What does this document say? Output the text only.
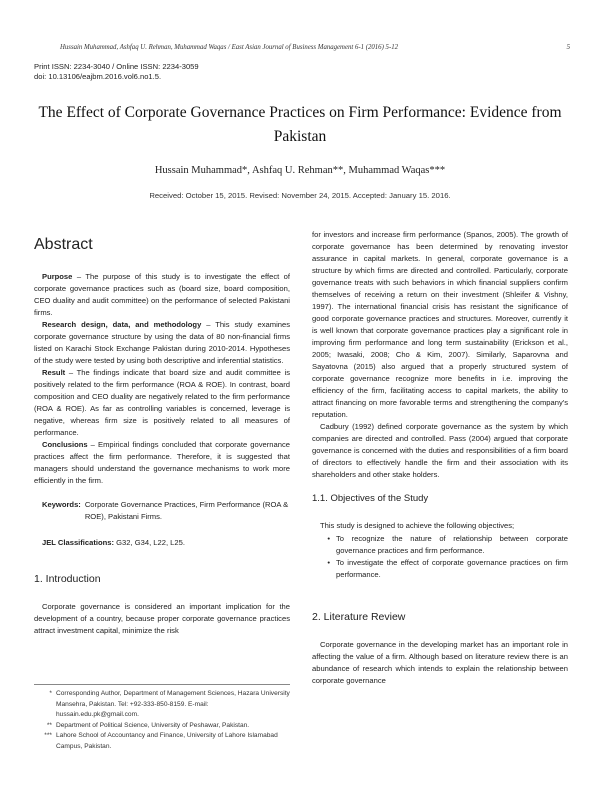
Hussain Muhammad, Ashfaq U. Rehman, Muhammad Waqas / East Asian Journal of Business Management 6-1 (2016) 5-12	5
Print ISSN: 2234-3040 / Online ISSN: 2234-3059
doi: 10.13106/eajbm.2016.vol6.no1.5.
The Effect of Corporate Governance Practices on Firm Performance: Evidence from
Pakistan
Hussain Muhammad*, Ashfaq U. Rehman**, Muhammad Waqas***
Received: October 15, 2015. Revised: November 24, 2015. Accepted: January 15. 2016.
Abstract

Purpose – The purpose of this study is to investigate the effect of corporate governance practices such as (board size, board composition, CEO duality and audit committee) on the performance of selected Pakistani firms.

Research design, data, and methodology – This study examines corporate governance structure by using the data of 80 non-financial firms listed on Karachi Stock Exchange Pakistan during 2010-2014. Hypotheses of the study were tested by using both descriptive and inferential statistics.

Result – The findings indicate that board size and audit committee is positively related to the firm performance (ROA & ROE). In contrast, board composition and CEO duality are negatively related to the firm performance (ROA & ROE). As far as controlling variables is concerned, leverage is negative, whereas firm size is positively related to all measures of performance.

Conclusions – Empirical findings concluded that corporate governance practices affect the firm performance. Therefore, it is suggested that managers should understand the governance mechanisms to work more efficiently in the firm.

Keywords: Corporate Governance Practices, Firm Performance (ROA & ROE), Pakistani Firms.
JEL Classifications: G32, G34, L22, L25.
1. Introduction

Corporate governance is considered an important implication for the development of a country, because proper corporate governance practices attract investment capital, minimize the risk

* Corresponding Author, Department of Management Sciences, Hazara University Mansehra, Pakistan. Tel: +92-333-850-8159. E-mail: hussain.edu.pk@gmail.com.
** Department of Political Science, University of Peshawar, Pakistan.
*** Lahore School of Accountancy and Finance, University of Lahore Islamabad Campus, Pakistan.

for investors and increase firm performance (Spanos, 2005). The growth of corporate governance has been determined by renovating investor assurance in capital markets. In general, corporate governance is a structure by which firms are directed and controlled. Particularly, corporate governance treats with such behaviors in which financial suppliers confirm themselves of receiving a return on their investment (Shleifer & Vishny, 1997). The international financial crisis has resistant the significance of good corporate governance practices and structures. Moreover, currently it is well known that corporate governance practices play a significant role in improving firm performance and long term sustainability (Erickson et al., 2005; Iwasaki, 2008; Cho & Kim, 2007). Similarly, Saparovna and Sayatovna (2015) also argued that a properly structured system of corporate governance recognize more benefits in i.e. improving the efficiency of the firm, facilitating access to capital markets, the ability to attract financing on more favorable terms and strengthening the company's reputation.

Cadbury (1992) defined corporate governance as the system by which companies are directed and controlled. Pass (2004) argued that corporate governance is concerned with the duties and responsibilities of a firm board of directors to effectively handle the firm and their association with its shareholders and other stake holders.

1.1. Objectives of the Study
This study is designed to achieve the following objectives;
• To recognize the nature of relationship between corporate governance practices and firm performance.
• To investigate the effect of corporate governance practices on firm performance.
2. Literature Review

Corporate governance in the developing market has an important role in affecting the value of a firm. Although based on literature review there is an abundance of research which intends to explain the relationship between corporate governance
